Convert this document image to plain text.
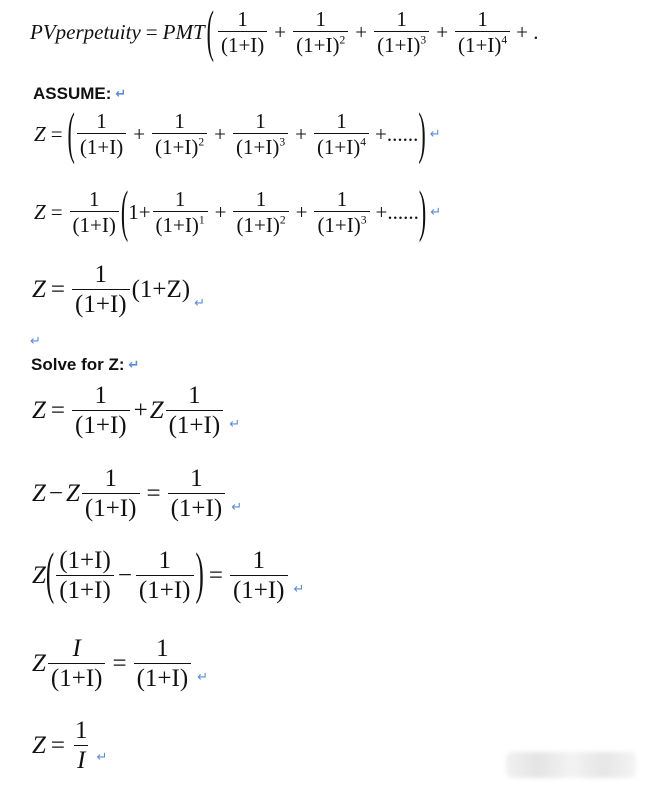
PVperpetuity = PMT ( $\frac{1}{(1+I)} + \frac{1}{(1+I)^2} + \frac{1}{(1+I)^3} + \frac{1}{(1+I)^4}$ + .
ASSUME: ↵
Z = ( $\frac{1}{(1+I)} + \frac{1}{(1+I)^2} + \frac{1}{(1+I)^3} + \frac{1}{(1+I)^4}$ +...... ) ↵
$Z = \frac{1}{(1+I)}$ ( $1+ \frac{1}{(1+I)^1} + \frac{1}{(1+I)^2} + \frac{1}{(1+I)^3}$ +...... ) ↵
$Z = \frac{1}{(1+I)} (1+Z)$ ↵
↵
Solve for Z: ↵
$Z = \frac{1}{(1+I)} + Z \frac{1}{(1+I)}$ ↵
Z − Z $\frac{1}{(1+I)} = \frac{1}{(1+I)}$ ↵
Z ( $\frac{(1+I)}{(1+I)} - \frac{1}{(1+I)}$ ) = $\frac{1}{(1+I)}$ ↵
Z $\frac{I}{(1+I)} = \frac{1}{(1+I)}$ ↵
$Z = \frac{1}{I}$ ↵
